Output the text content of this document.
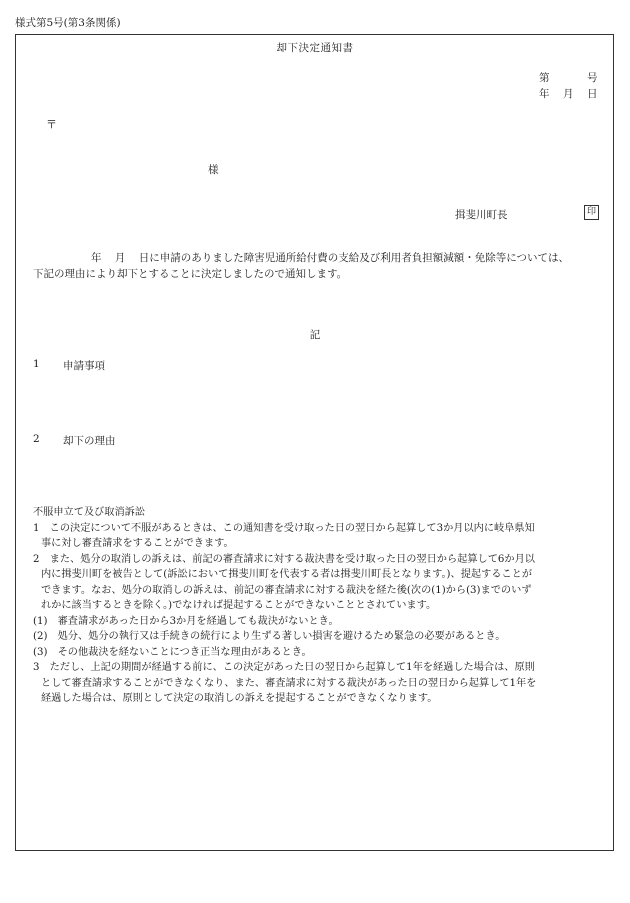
様式第5号(第3条関係)
却下決定通知書
第	号
年 月 日
〒
様
揖斐川町長	印
年 月 日に申請のありました障害児通所給付費の支給及び利用者負担額減額・免除等については、
下記の理由により却下とすることに決定しましたので通知します。
記
1 申請事項
2 却下の理由
不服申立て及び取消訴訟
1　この決定について不服があるときは、この通知書を受け取った日の翌日から起算して3か月以内に岐阜県知
事に対し審査請求をすることができます。
2　また、処分の取消しの訴えは、前記の審査請求に対する裁決書を受け取った日の翌日から起算して6か月以
内に揖斐川町を被告として(訴訟において揖斐川町を代表する者は揖斐川町長となります。)、提起することが
できます。なお、処分の取消しの訴えは、前記の審査請求に対する裁決を経た後(次の(1)から(3)までのいず
れかに該当するときを除く。)でなければ提起することができないこととされています。
(1)　審査請求があった日から3か月を経過しても裁決がないとき。
(2)　処分、処分の執行又は手続きの続行により生ずる著しい損害を避けるため緊急の必要があるとき。
(3)　その他裁決を経ないことにつき正当な理由があるとき。
3　ただし、上記の期間が経過する前に、この決定があった日の翌日から起算して1年を経過した場合は、原則
として審査請求することができなくなり、また、審査請求に対する裁決があった日の翌日から起算して1年を
経過した場合は、原則として決定の取消しの訴えを提起することができなくなります。
